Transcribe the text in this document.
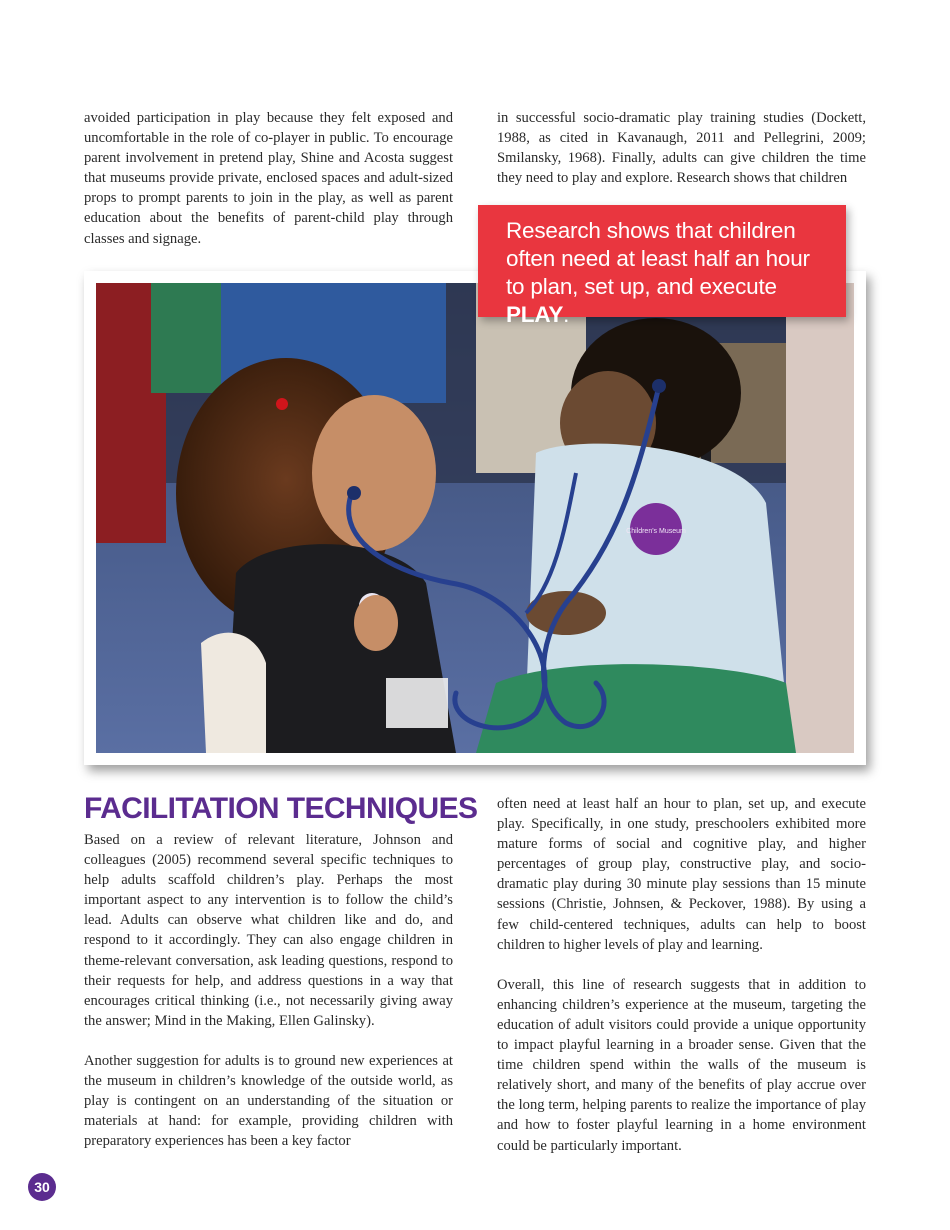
avoided participation in play because they felt exposed and uncomfortable in the role of co-player in public. To encourage parent involvement in pretend play, Shine and Acosta suggest that museums provide private, enclosed spaces and adult-sized props to prompt parents to join in the play, as well as parent education about the benefits of parent-child play through classes and signage.

in successful socio-dramatic play training studies (Dockett, 1988, as cited in Kavanaugh, 2011 and Pellegrini, 2009; Smilansky, 1968). Finally, adults can give children the time they need to play and explore. Research shows that children

Children's Museum
Research shows that children often need at least half an hour to plan, set up, and execute PLAY.
FACILITATION TECHNIQUES

Based on a review of relevant literature, Johnson and colleagues (2005) recommend several specific techniques to help adults scaffold children’s play. Perhaps the most important aspect to any intervention is to follow the child’s lead. Adults can observe what children like and do, and respond to it accordingly. They can also engage children in theme-relevant conversation, ask leading questions, respond to their requests for help, and address questions in a way that encourages critical thinking (i.e., not necessarily giving away the answer; Mind in the Making, Ellen Galinsky).

Another suggestion for adults is to ground new experiences at the museum in children’s knowledge of the outside world, as play is contingent on an understanding of the situation or materials at hand: for example, providing children with preparatory experiences has been a key factor

often need at least half an hour to plan, set up, and execute play. Specifically, in one study, preschoolers exhibited more mature forms of social and cognitive play, and higher percentages of group play, constructive play, and socio-dramatic play during 30 minute play sessions than 15 minute sessions (Christie, Johnsen, & Peckover, 1988). By using a few child-centered techniques, adults can help to boost children to higher levels of play and learning.

Overall, this line of research suggests that in addition to enhancing children’s experience at the museum, targeting the education of adult visitors could provide a unique opportunity to impact playful learning in a broader sense. Given that the time children spend within the walls of the museum is relatively short, and many of the benefits of play accrue over the long term, helping parents to realize the importance of play and how to foster playful learning in a home environment could be particularly important.

30
